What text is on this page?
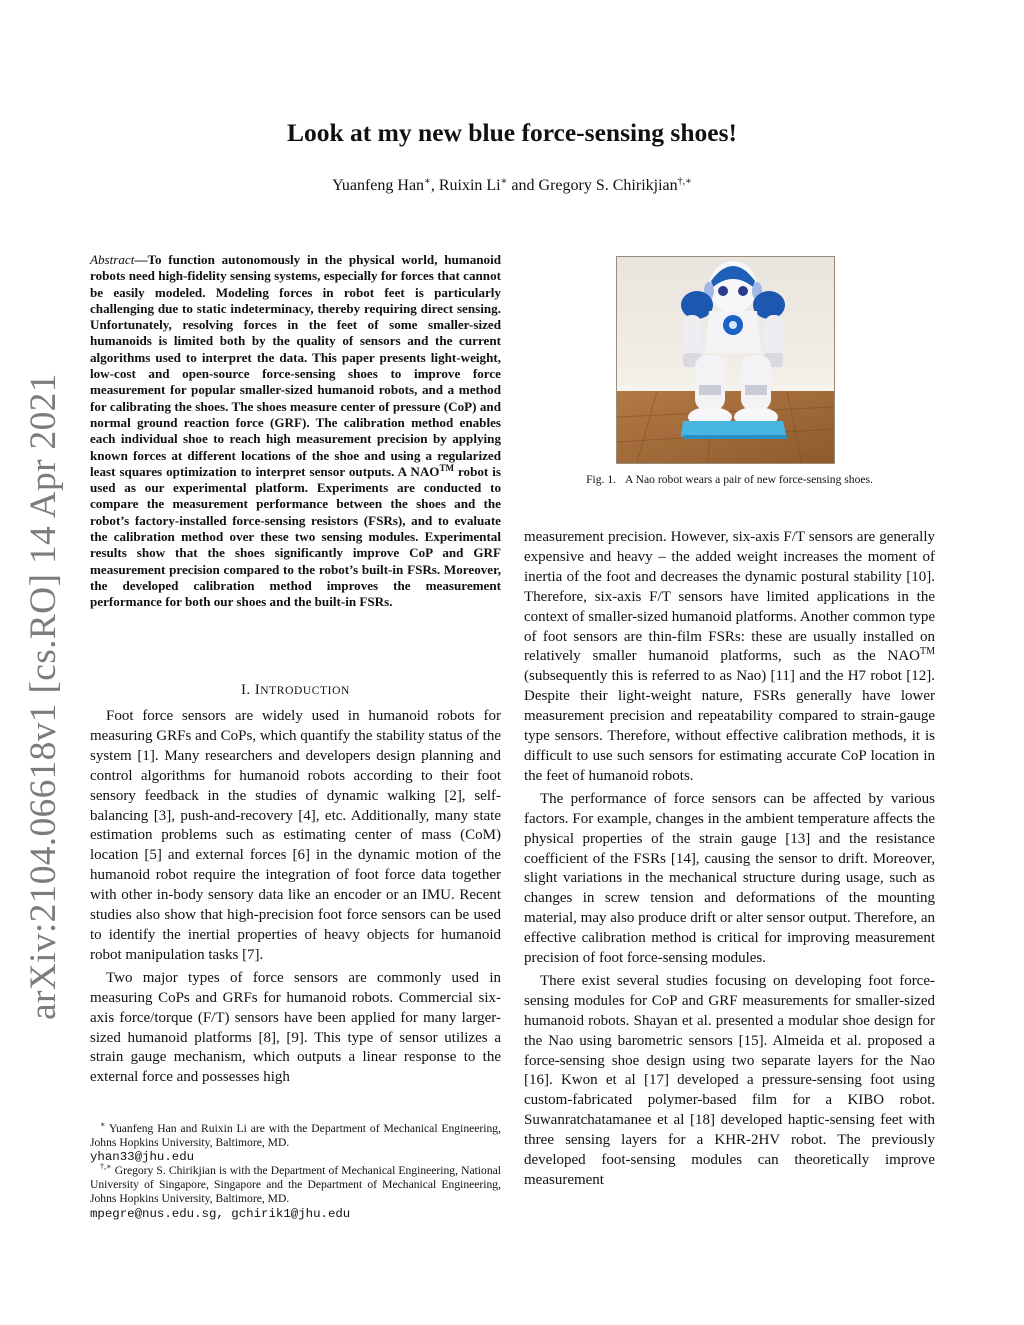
arXiv:2104.06618v1 [cs.RO] 14 Apr 2021
Look at my new blue force-sensing shoes!
Yuanfeng Han∗, Ruixin Li∗ and Gregory S. Chirikjian†,∗
Abstract—To function autonomously in the physical world, humanoid robots need high-fidelity sensing systems, especially for forces that cannot be easily modeled. Modeling forces in robot feet is particularly challenging due to static indeterminacy, thereby requiring direct sensing. Unfortunately, resolving forces in the feet of some smaller-sized humanoids is limited both by the quality of sensors and the current algorithms used to interpret the data. This paper presents light-weight, low-cost and open-source force-sensing shoes to improve force measurement for popular smaller-sized humanoid robots, and a method for calibrating the shoes. The shoes measure center of pressure (CoP) and normal ground reaction force (GRF). The calibration method enables each individual shoe to reach high measurement precision by applying known forces at different locations of the shoe and using a regularized least squares optimization to interpret sensor outputs. A NAO™ robot is used as our experimental platform. Experiments are conducted to compare the measurement performance between the shoes and the robot’s factory-installed force-sensing resistors (FSRs), and to evaluate the calibration method over these two sensing modules. Experimental results show that the shoes significantly improve CoP and GRF measurement precision compared to the robot’s built-in FSRs. Moreover, the developed calibration method improves the measurement performance for both our shoes and the built-in FSRs.
I. INTRODUCTION

Foot force sensors are widely used in humanoid robots for measuring GRFs and CoPs, which quantify the stability status of the system [1]. Many researchers and developers design planning and control algorithms for humanoid robots according to their foot sensory feedback in the studies of dynamic walking [2], self-balancing [3], push-and-recovery [4], etc. Additionally, many state estimation problems such as estimating center of mass (CoM) location [5] and external forces [6] in the dynamic motion of the humanoid robot require the integration of foot force data together with other in-body sensory data like an encoder or an IMU. Recent studies also show that high-precision foot force sensors can be used to identify the inertial properties of heavy objects for humanoid robot manipulation tasks [7].

Two major types of force sensors are commonly used in measuring CoPs and GRFs for humanoid robots. Commercial six-axis force/torque (F/T) sensors have been applied for many larger-sized humanoid platforms [8], [9]. This type of sensor utilizes a strain gauge mechanism, which outputs a linear response to the external force and possesses high

∗ Yuanfeng Han and Ruixin Li are with the Department of Mechanical Engineering, Johns Hopkins University, Baltimore, MD.
yhan33@jhu.edu

†,∗ Gregory S. Chirikjian is with the Department of Mechanical Engineering, National University of Singapore, Singapore and the Department of Mechanical Engineering, Johns Hopkins University, Baltimore, MD.
mpegre@nus.edu.sg, gchirik1@jhu.edu

Fig. 1. A Nao robot wears a pair of new force-sensing shoes.

measurement precision. However, six-axis F/T sensors are generally expensive and heavy – the added weight increases the moment of inertia of the foot and decreases the dynamic postural stability [10]. Therefore, six-axis F/T sensors have limited applications in the context of smaller-sized humanoid platforms. Another common type of foot sensors are thin-film FSRs: these are usually installed on relatively smaller humanoid platforms, such as the NAO™ (subsequently this is referred to as Nao) [11] and the H7 robot [12]. Despite their light-weight nature, FSRs generally have lower measurement precision and repeatability compared to strain-gauge type sensors. Therefore, without effective calibration methods, it is difficult to use such sensors for estimating accurate CoP location in the feet of humanoid robots.

The performance of force sensors can be affected by various factors. For example, changes in the ambient temperature affects the physical properties of the strain gauge [13] and the resistance coefficient of the FSRs [14], causing the sensor to drift. Moreover, slight variations in the mechanical structure during usage, such as changes in screw tension and deformations of the mounting material, may also produce drift or alter sensor output. Therefore, an effective calibration method is critical for improving measurement precision of foot force-sensing modules.

There exist several studies focusing on developing foot force-sensing modules for CoP and GRF measurements for smaller-sized humanoid robots. Shayan et al. presented a modular shoe design for the Nao using barometric sensors [15]. Almeida et al. proposed a force-sensing shoe design using two separate layers for the Nao [16]. Kwon et al [17] developed a pressure-sensing foot using custom-fabricated polymer-based film for a KIBO robot. Suwanratchatamanee et al [18] developed haptic-sensing feet with three sensing layers for a KHR-2HV robot. The previously developed foot-sensing modules can theoretically improve measurement
